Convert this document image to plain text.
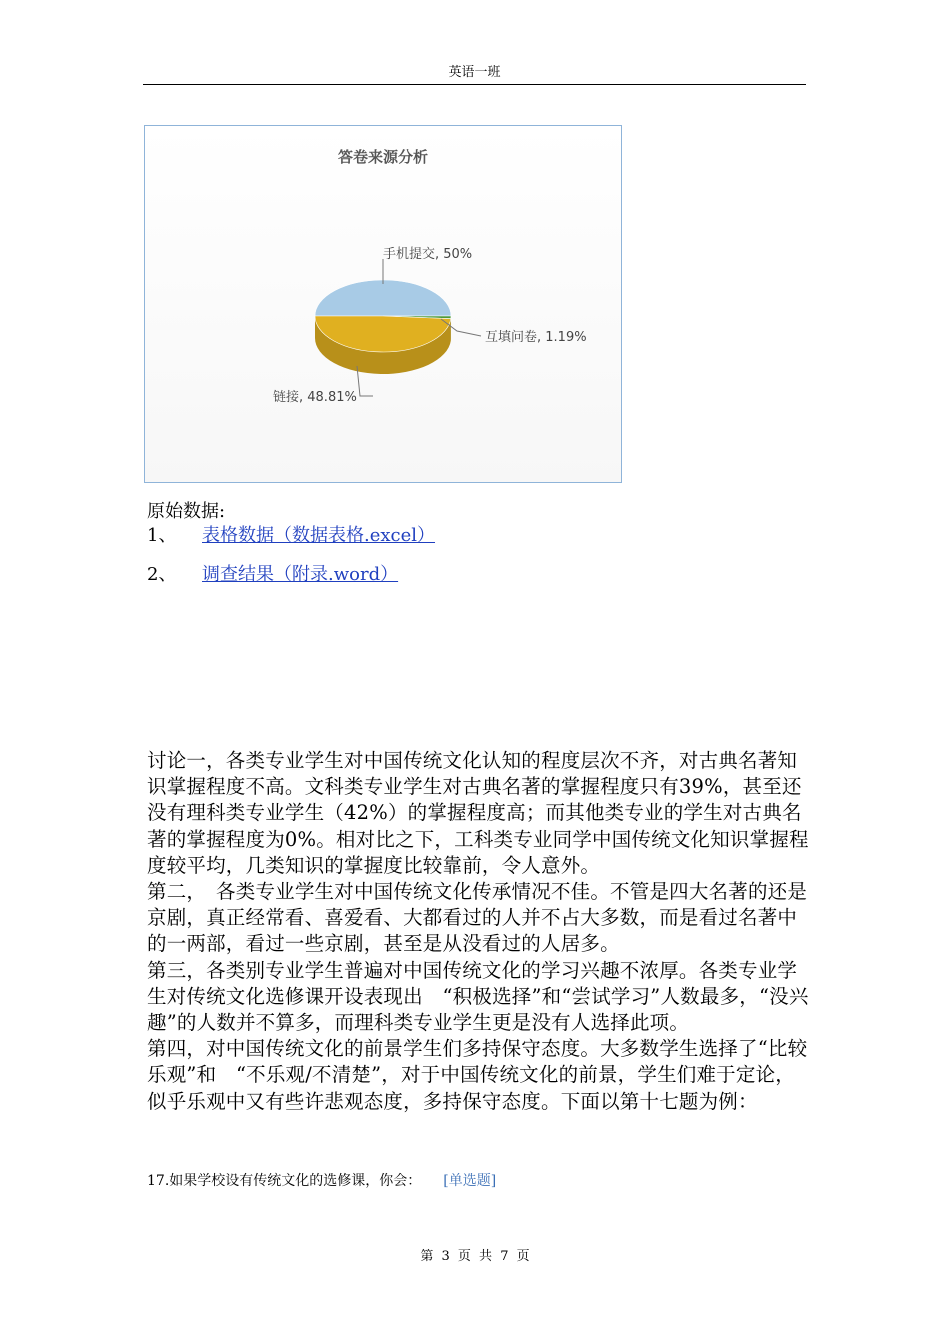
英语一班
答卷来源分析
手机提交, 50%
互填问卷, 1.19%
链接, 48.81%
原始数据:
1、 表格数据（数据表格.excel）
2、 调查结果（附录.word）

讨论一，各类专业学生对中国传统文化认知的程度层次不齐，对古典名著知识掌握程度不高。文科类专业学生对古典名著的掌握程度只有39%，甚至还没有理科类专业学生（42%）的掌握程度高；而其他类专业的学生对古典名著的掌握程度为0%。相对比之下，工科类专业同学中国传统文化知识掌握程度较平均，几类知识的掌握度比较靠前，令人意外。

第二，　各类专业学生对中国传统文化传承情况不佳。不管是四大名著的还是京剧，真正经常看、喜爱看、大都看过的人并不占大多数，而是看过名著中的一两部，看过一些京剧，甚至是从没看过的人居多。

第三，各类别专业学生普遍对中国传统文化的学习兴趣不浓厚。各类专业学生对传统文化选修课开设表现出　“积极选择”和“尝试学习”人数最多，“没兴趣”的人数并不算多，而理科类专业学生更是没有人选择此项。

第四，对中国传统文化的前景学生们多持保守态度。大多数学生选择了“比较乐观”和　“不乐观/不清楚”，对于中国传统文化的前景，学生们难于定论，似乎乐观中又有些许悲观态度，多持保守态度。下面以第十七题为例：

17.如果学校设有传统文化的选修课，你会： [单选题]
第 3 页 共 7 页
